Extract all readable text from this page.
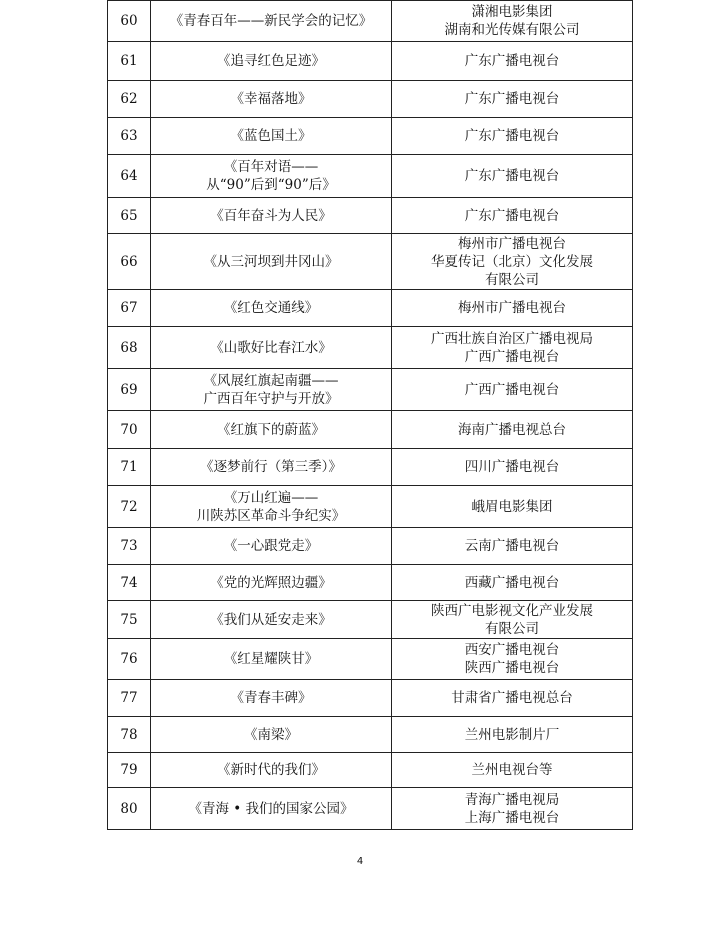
60	《青春百年——新民学会的记忆》	潇湘电影集团
湖南和光传媒有限公司

61	《追寻红色足迹》	广东广播电视台

62	《幸福落地》	广东广播电视台

63	《蓝色国土》	广东广播电视台

64	《百年对语——
从“90”后到“90”后》	广东广播电视台

65	《百年奋斗为人民》	广东广播电视台

66	《从三河坝到井冈山》	梅州市广播电视台
华夏传记（北京）文化发展
有限公司

67	《红色交通线》	梅州市广播电视台

68	《山歌好比春江水》	广西壮族自治区广播电视局
广西广播电视台

69	《风展红旗起南疆——
广西百年守护与开放》	广西广播电视台

70	《红旗下的蔚蓝》	海南广播电视总台

71	《逐梦前行（第三季）》	四川广播电视台

72	《万山红遍——
川陕苏区革命斗争纪实》	峨眉电影集团

73	《一心跟党走》	云南广播电视台

74	《党的光辉照边疆》	西藏广播电视台

75	《我们从延安走来》	陕西广电影视文化产业发展
有限公司

76	《红星耀陕甘》	西安广播电视台
陕西广播电视台

77	《青春丰碑》	甘肃省广播电视总台

78	《南梁》	兰州电影制片厂

79	《新时代的我们》	兰州电视台等

80	《青海 • 我们的国家公园》	青海广播电视局
上海广播电视台
4
